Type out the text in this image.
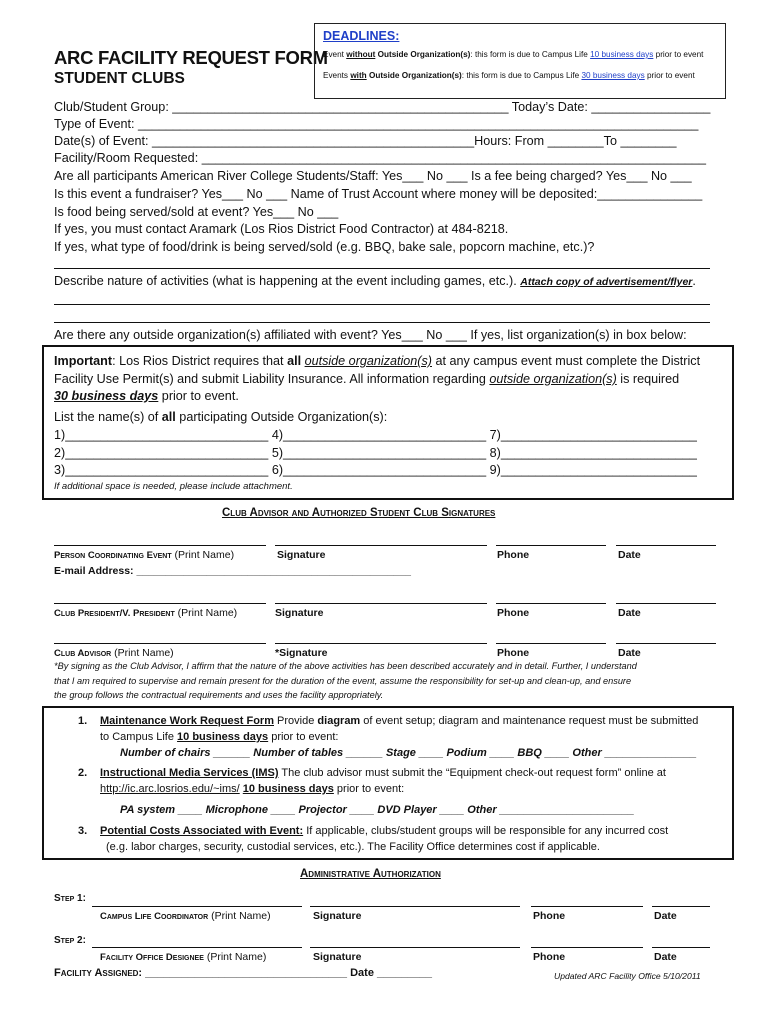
ARC FACILITY REQUEST FORM
STUDENT CLUBS
DEADLINES:
Event without Outside Organization(s): this form is due to Campus Life 10 business days prior to event
Events with Outside Organization(s): this form is due to Campus Life 30 business days prior to event
Club/Student Group: ________________________________________________ Today’s Date: _________________
Type of Event: ________________________________________________________________________________
Date(s) of Event: ______________________________________________Hours: From ________To ________
Facility/Room Requested: ________________________________________________________________________
Are all participants American River College Students/Staff: Yes___ No ___ Is a fee being charged? Yes___ No ___
Is this event a fundraiser? Yes___ No ___ Name of Trust Account where money will be deposited:_______________
Is food being served/sold at event? Yes___ No ___
If yes, you must contact Aramark (Los Rios District Food Contractor) at 484-8218.
If yes, what type of food/drink is being served/sold (e.g. BBQ, bake sale, popcorn machine, etc.)?
Describe nature of activities (what is happening at the event including games, etc.). Attach copy of advertisement/flyer.
Are there any outside organization(s) affiliated with event? Yes___ No ___ If yes, list organization(s) in box below:
Important: Los Rios District requires that all outside organization(s) at any campus event must complete the District
Facility Use Permit(s) and submit Liability Insurance. All information regarding outside organization(s) is required
30 business days prior to event.
List the name(s) of all participating Outside Organization(s):
1)_____________________________ 4)_____________________________ 7)____________________________
2)_____________________________ 5)_____________________________ 8)____________________________
3)_____________________________ 6)_____________________________ 9)____________________________
If additional space is needed, please include attachment.
Club Advisor and Authorized Student Club Signatures
Person Coordinating Event (Print Name)	Signature	Phone	Date
E-mail Address: _______________________________________________
Club President/V. President (Print Name)	Signature	Phone	Date
Club Advisor (Print Name)	*Signature	Phone	Date
*By signing as the Club Advisor, I affirm that the nature of the above activities has been described accurately and in detail. Further, I understand
that I am required to supervise and remain present for the duration of the event, assume the responsibility for set-up and clean-up, and ensure
the group follows the contractual requirements and uses the facility appropriately.
1. Maintenance Work Request Form Provide diagram of event setup; diagram and maintenance request must be submitted
to Campus Life 10 business days prior to event:
Number of chairs ______ Number of tables ______ Stage ____ Podium ____ BBQ ____ Other _______________
2. Instructional Media Services (IMS) The club advisor must submit the “Equipment check-out request form” online at
http://ic.arc.losrios.edu/~ims/ 10 business days prior to event:
PA system ____ Microphone ____ Projector ____ DVD Player ____ Other ______________________
3. Potential Costs Associated with Event: If applicable, clubs/student groups will be responsible for any incurred cost
(e.g. labor charges, security, custodial services, etc.). The Facility Office determines cost if applicable.
Administrative Authorization
Step 1:
Campus Life Coordinator (Print Name)	Signature	Phone	Date
Step 2:
Facility Office Designee (Print Name)	Signature	Phone	Date
Facility Assigned: _________________________________ Date _________	Updated ARC Facility Office 5/10/2011
